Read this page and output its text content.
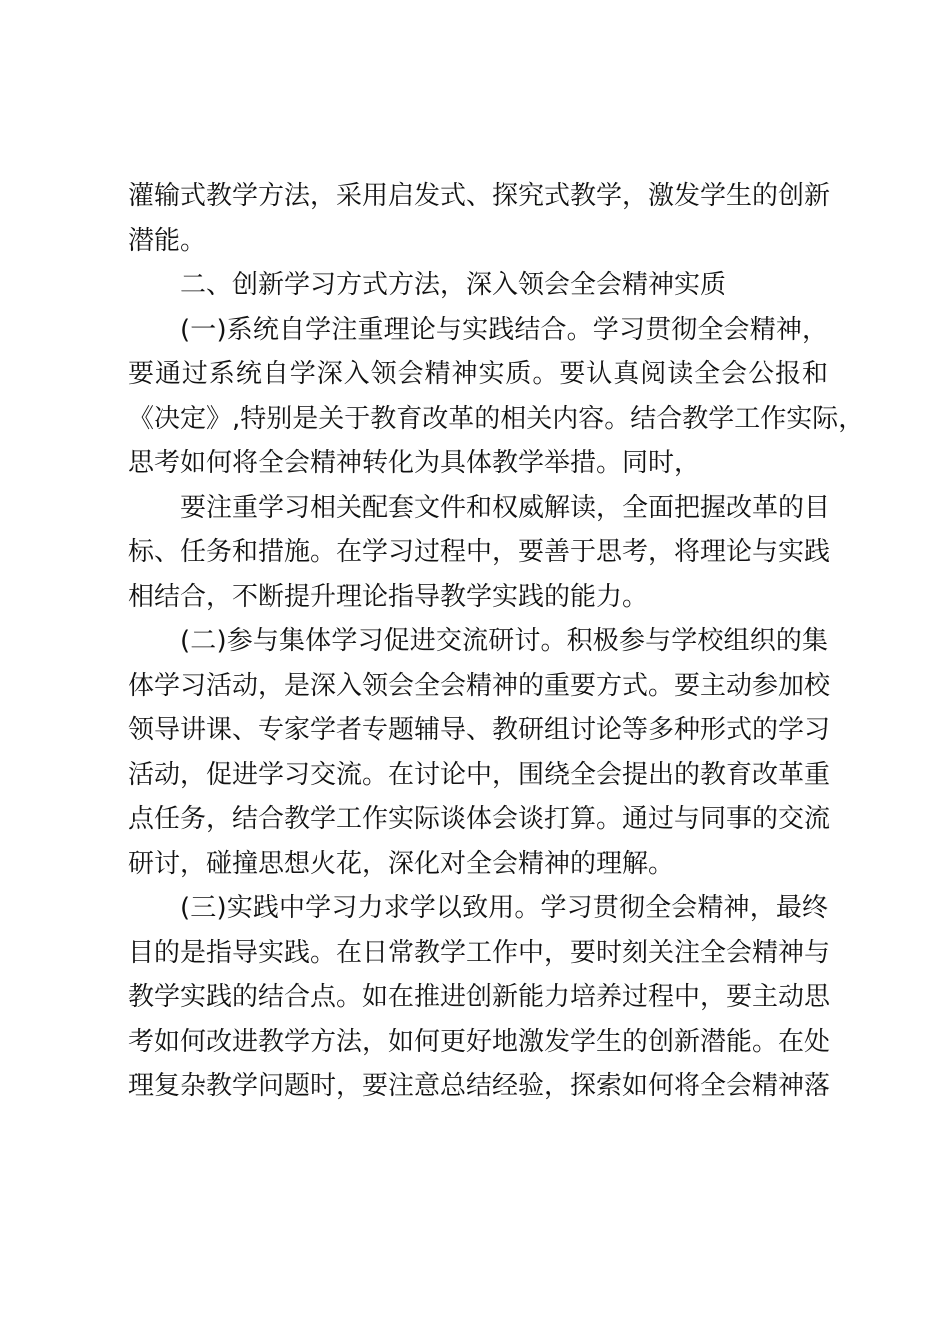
灌输式教学方法，采用启发式、探究式教学，激发学生的创新
潜能。
二、创新学习方式方法，深入领会全会精神实质
(一)系统自学注重理论与实践结合。学习贯彻全会精神，
要通过系统自学深入领会精神实质。要认真阅读全会公报和
《决定》,特别是关于教育改革的相关内容。结合教学工作实际，
思考如何将全会精神转化为具体教学举措。同时，
要注重学习相关配套文件和权威解读，全面把握改革的目
标、任务和措施。在学习过程中，要善于思考，将理论与实践
相结合，不断提升理论指导教学实践的能力。
(二)参与集体学习促进交流研讨。积极参与学校组织的集
体学习活动，是深入领会全会精神的重要方式。要主动参加校
领导讲课、专家学者专题辅导、教研组讨论等多种形式的学习
活动，促进学习交流。在讨论中，围绕全会提出的教育改革重
点任务，结合教学工作实际谈体会谈打算。通过与同事的交流
研讨，碰撞思想火花，深化对全会精神的理解。
(三)实践中学习力求学以致用。学习贯彻全会精神，最终
目的是指导实践。在日常教学工作中，要时刻关注全会精神与
教学实践的结合点。如在推进创新能力培养过程中，要主动思
考如何改进教学方法，如何更好地激发学生的创新潜能。在处
理复杂教学问题时，要注意总结经验，探索如何将全会精神落
